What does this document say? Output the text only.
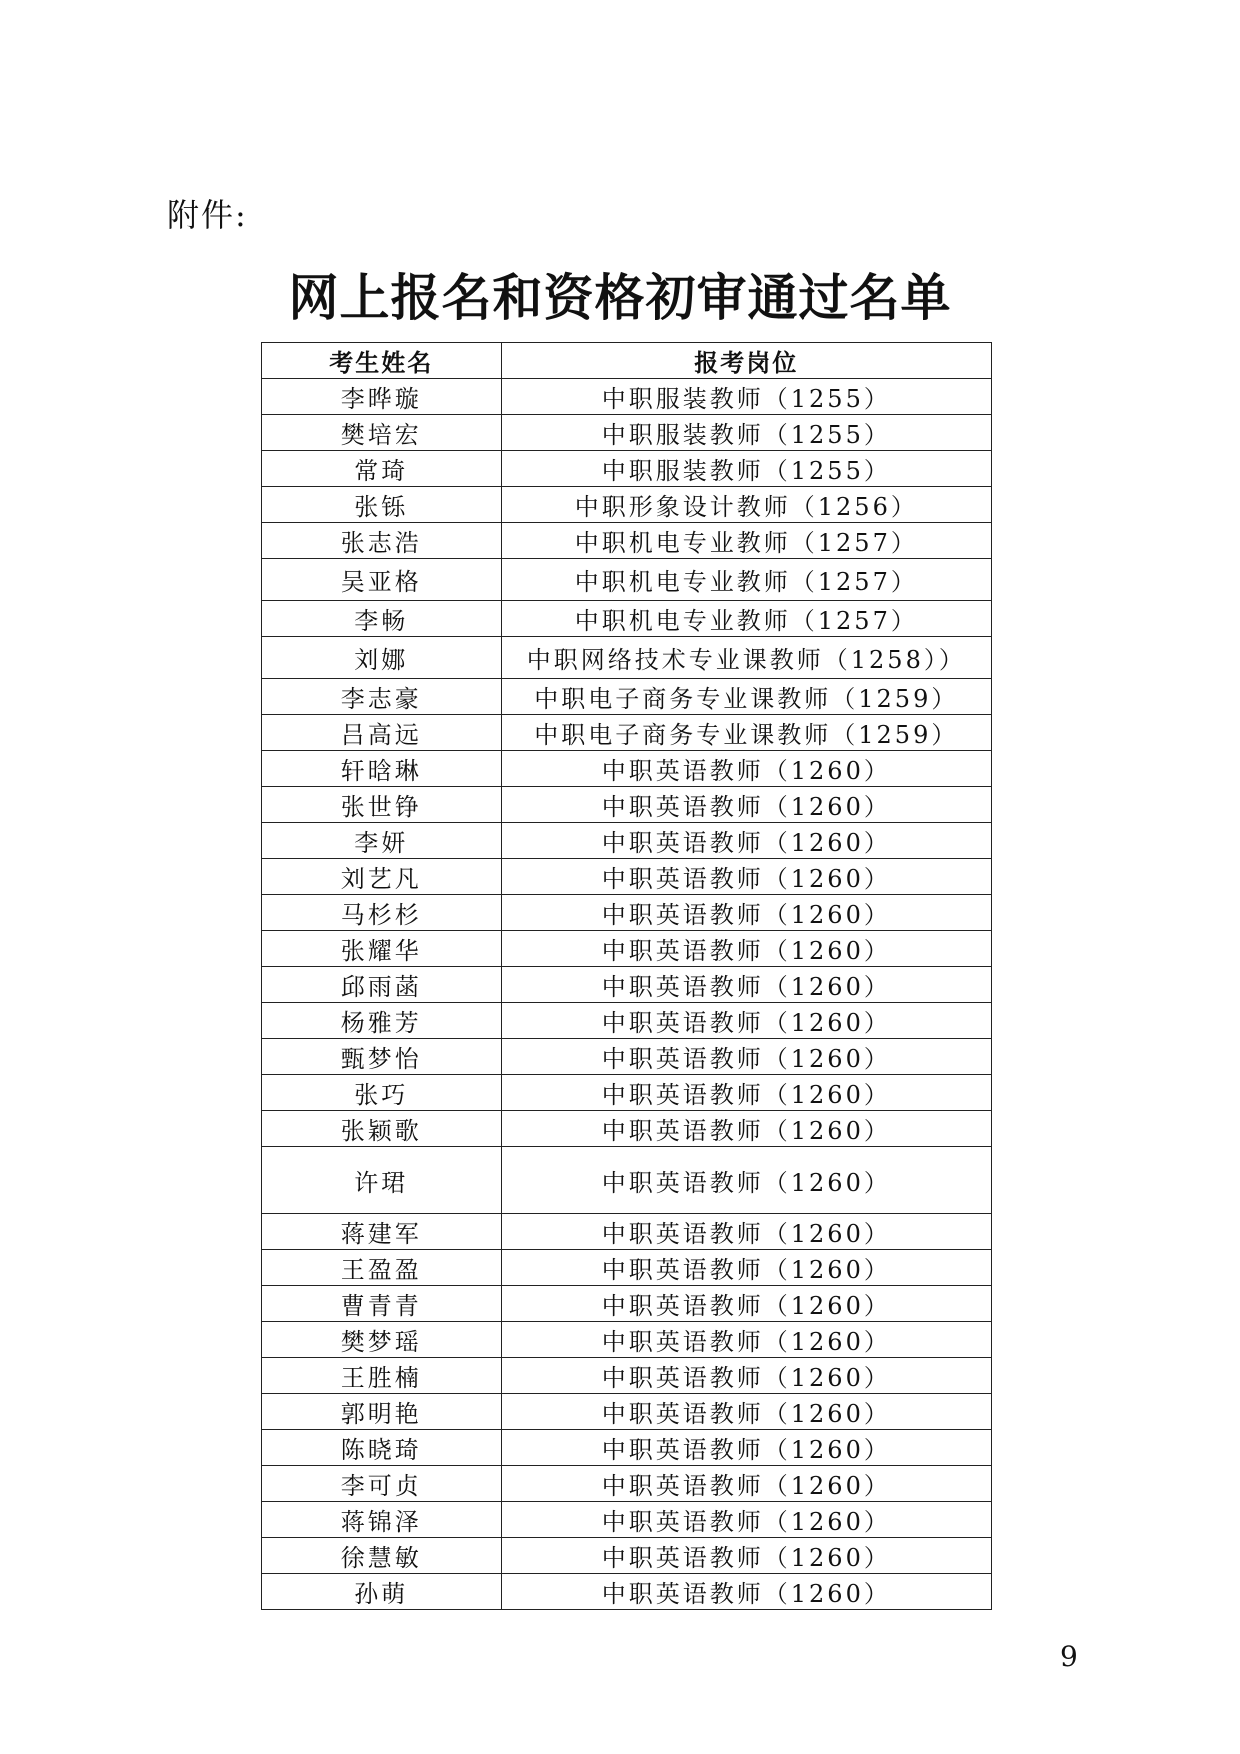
附件:
网上报名和资格初审通过名单
考生姓名	报考岗位
李晔璇	中职服装教师（1255）
樊培宏	中职服装教师（1255）
常琦	中职服装教师（1255）
张铄	中职形象设计教师（1256）
张志浩	中职机电专业教师（1257）
吴亚格	中职机电专业教师（1257）
李畅	中职机电专业教师（1257）
刘娜	中职网络技术专业课教师（1258））
李志豪	中职电子商务专业课教师（1259）
吕高远	中职电子商务专业课教师（1259）
轩晗琳	中职英语教师（1260）
张世铮	中职英语教师（1260）
李妍	中职英语教师（1260）
刘艺凡	中职英语教师（1260）
马杉杉	中职英语教师（1260）
张耀华	中职英语教师（1260）
邱雨菡	中职英语教师（1260）
杨雅芳	中职英语教师（1260）
甄梦怡	中职英语教师（1260）
张巧	中职英语教师（1260）
张颖歌	中职英语教师（1260）
许珺	中职英语教师（1260）
蒋建军	中职英语教师（1260）
王盈盈	中职英语教师（1260）
曹青青	中职英语教师（1260）
樊梦瑶	中职英语教师（1260）
王胜楠	中职英语教师（1260）
郭明艳	中职英语教师（1260）
陈晓琦	中职英语教师（1260）
李可贞	中职英语教师（1260）
蒋锦泽	中职英语教师（1260）
徐慧敏	中职英语教师（1260）
孙萌	中职英语教师（1260）
9
